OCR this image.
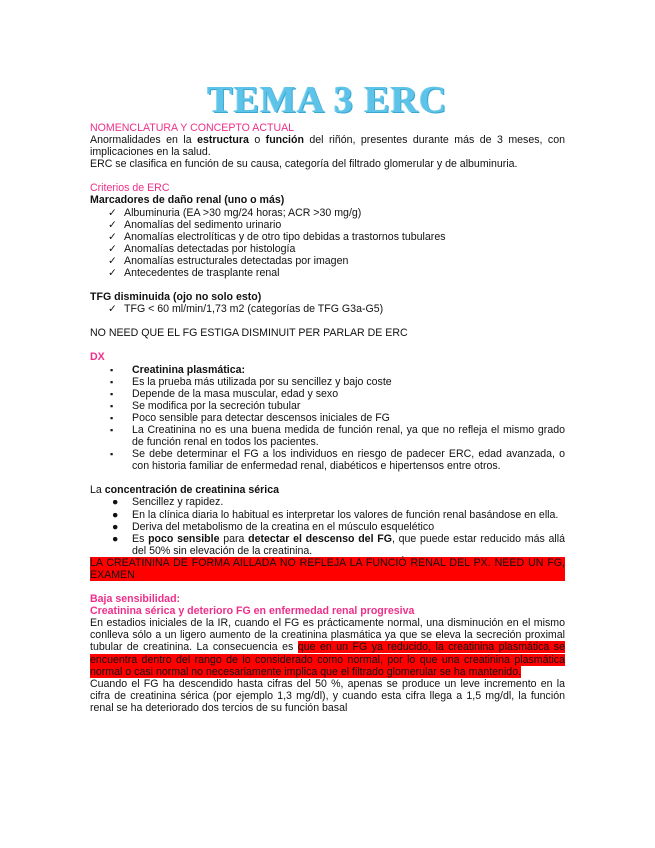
TEMA 3 ERC
NOMENCLATURA Y CONCEPTO ACTUAL

Anormalidades en la estructura o función del riñón, presentes durante más de 3 meses, con implicaciones en la salud.

ERC se clasifica en función de su causa, categoría del filtrado glomerular y de albuminuria.

Criterios de ERC
Marcadores de daño renal (uno o más)
✓ Albuminuria (EA >30 mg/24 horas; ACR >30 mg/g)
✓ Anomalías del sedimento urinario
✓ Anomalías electrolíticas y de otro tipo debidas a trastornos tubulares
✓ Anomalías detectadas por histología
✓ Anomalías estructurales detectadas por imagen
✓ Antecedentes de trasplante renal
TFG disminuida (ojo no solo esto)
✓ TFG < 60 ml/min/1,73 m2 (categorías de TFG G3a-G5)

NO NEED QUE EL FG ESTIGA DISMINUIT PER PARLAR DE ERC

DX
▪ Creatinina plasmática:
▪ Es la prueba más utilizada por su sencillez y bajo coste
▪ Depende de la masa muscular, edad y sexo
▪ Se modifica por la secreción tubular
▪ Poco sensible para detectar descensos iniciales de FG
▪ La Creatinina no es una buena medida de función renal, ya que no refleja el mismo grado de función renal en todos los pacientes.
▪ Se debe determinar el FG a los individuos en riesgo de padecer ERC, edad avanzada, o con historia familiar de enfermedad renal, diabéticos e hipertensos entre otros.

La concentración de creatinina sérica

● Sencillez y rapidez.
● En la clínica diaria lo habitual es interpretar los valores de función renal basándose en ella.
● Deriva del metabolismo de la creatina en el músculo esquelético
● Es poco sensible para detectar el descenso del FG, que puede estar reducido más allá del 50% sin elevación de la creatinina.

LA CREATININA DE FORMA AILLADA NO REFLEJA LA FUNCIÓ RENAL DEL PX. NEED UN FG, EXAMEN

Baja sensibilidad:
Creatinina sérica y deterioro FG en enfermedad renal progresiva

En estadios iniciales de la IR, cuando el FG es prácticamente normal, una disminución en el mismo conlleva sólo a un ligero aumento de la creatinina plasmática ya que se eleva la secreción proximal tubular de creatinina. La consecuencia es que en un FG ya reducido, la creatinina plasmática se encuentra dentro del rango de lo considerado como normal, por lo que una creatinina plasmática normal o casi normal no necesariamente implica que el filtrado glomerular se ha mantenido.

Cuando el FG ha descendido hasta cifras del 50 %, apenas se produce un leve incremento en la cifra de creatinina sérica (por ejemplo 1,3 mg/dl), y cuando esta cifra llega a 1,5 mg/dl, la función renal se ha deteriorado dos tercios de su función basal
